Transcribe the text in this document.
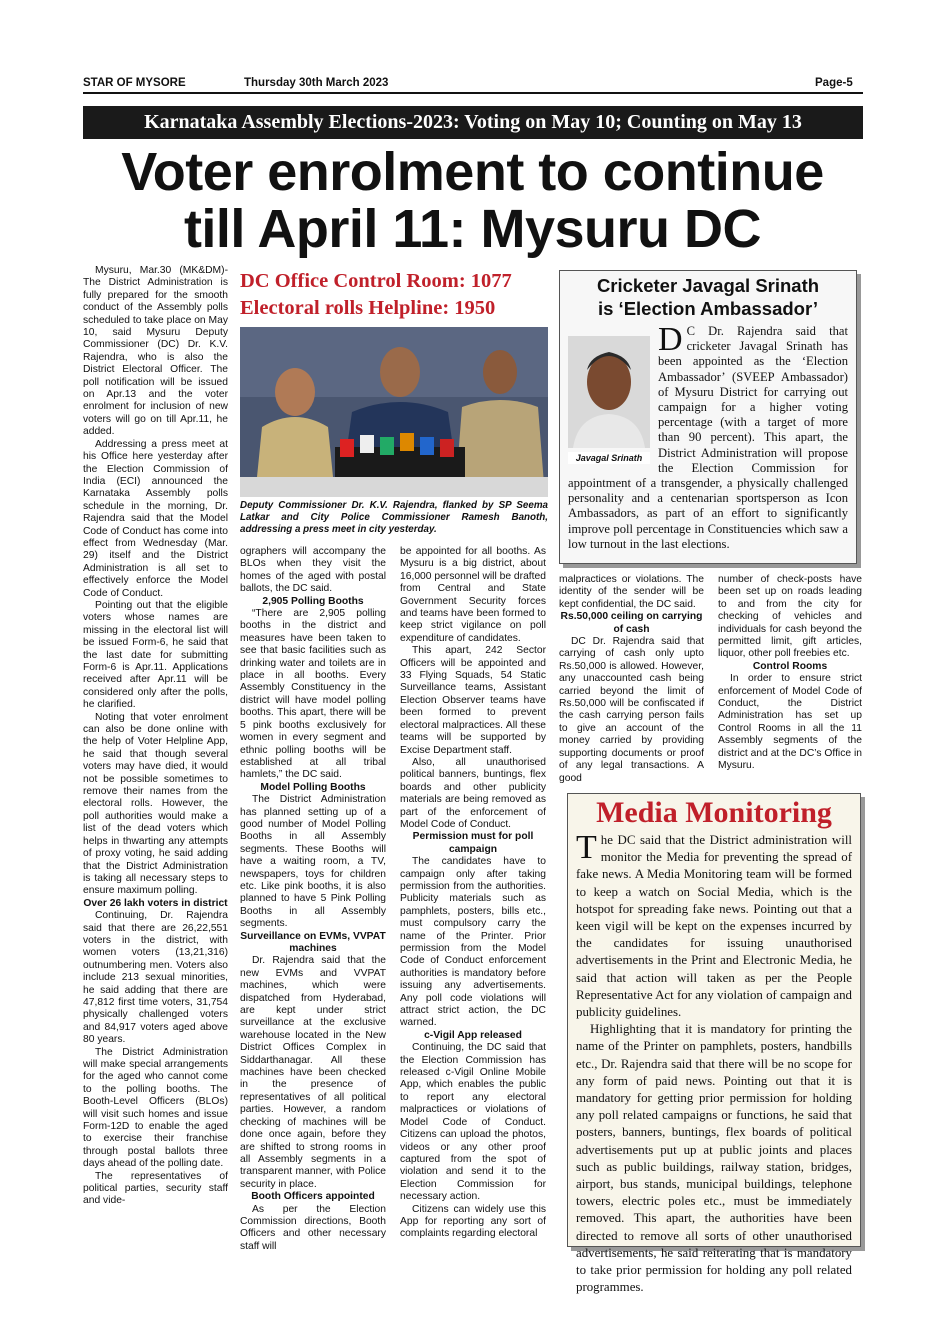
STAR OF MYSORE	Thursday 30th March 2023	Page-5
Karnataka Assembly Elections-2023: Voting on May 10; Counting on May 13
Voter enrolment to continue
till April 11: Mysuru DC

Mysuru, Mar.30 (MK&DM)- The District Administration is fully prepared for the smooth conduct of the Assembly polls scheduled to take place on May 10, said Mysuru Deputy Commissioner (DC) Dr. K.V. Rajendra, who is also the District Electoral Officer. The poll notification will be issued on Apr.13 and the voter enrolment for inclusion of new voters will go on till Apr.11, he added.

Addressing a press meet at his Office here yesterday after the Election Commission of India (ECI) announced the Karnataka Assembly polls schedule in the morning, Dr. Rajendra said that the Model Code of Conduct has come into effect from Wednesday (Mar. 29) itself and the District Administration is all set to effectively enforce the Model Code of Conduct.

Pointing out that the eligible voters whose names are missing in the electoral list will be issued Form-6, he said that the last date for submitting Form-6 is Apr.11. Applications received after Apr.11 will be considered only after the polls, he clarified.

Noting that voter enrolment can also be done online with the help of Voter Helpline App, he said that though several voters may have died, it would not be possible sometimes to remove their names from the electoral rolls. However, the poll authorities would make a list of the dead voters which helps in thwarting any attempts of proxy voting, he said adding that the District Administration is taking all necessary steps to ensure maximum polling.

Over 26 lakh voters in district

Continuing, Dr. Rajendra said that there are 26,22,551 voters in the district, with women voters (13,21,316) outnumbering men. Voters also include 213 sexual minorities, he said adding that there are 47,812 first time voters, 31,754 physically challenged voters and 84,917 voters aged above 80 years.

The District Administration will make special arrangements for the aged who cannot come to the polling booths. The Booth-Level Officers (BLOs) will visit such homes and issue Form-12D to enable the aged to exercise their franchise through postal ballots three days ahead of the polling date.

The representatives of political parties, security staff and vide-

DC Office Control Room: 1077
Electoral rolls Helpline: 1950
Deputy Commissioner Dr. K.V. Rajendra, flanked by SP Seema Latkar and City Police Commissioner Ramesh Banoth, addressing a press meet in city yesterday.

ographers will accompany the BLOs when they visit the homes of the aged with postal ballots, the DC said.

2,905 Polling Booths

“There are 2,905 polling booths in the district and measures have been taken to see that basic facilities such as drinking water and toilets are in place in all booths. Every Assembly Constituency in the district will have model polling booths. This apart, there will be 5 pink booths exclusively for women in every segment and ethnic polling booths will be established at all tribal hamlets,” the DC said.

Model Polling Booths

The District Administration has planned setting up of a good number of Model Polling Booths in all Assembly segments. These Booths will have a waiting room, a TV, newspapers, toys for children etc. Like pink booths, it is also planned to have 5 Pink Polling Booths in all Assembly segments.

Surveillance on EVMs, VVPAT machines

Dr. Rajendra said that the new EVMs and VVPAT machines, which were dispatched from Hyderabad, are kept under strict surveillance at the exclusive warehouse located in the New District Offices Complex in Siddarthanagar. All these machines have been checked in the presence of representatives of all political parties. However, a random checking of machines will be done once again, before they are shifted to strong rooms in all Assembly segments in a transparent manner, with Police security in place.

Booth Officers appointed

As per the Election Commission directions, Booth Officers and other necessary staff will

be appointed for all booths. As Mysuru is a big district, about 16,000 personnel will be drafted from Central and State Government Security forces and teams have been formed to keep strict vigilance on poll expenditure of candidates.

This apart, 242 Sector Officers will be appointed and 33 Flying Squads, 54 Static Surveillance teams, Assistant Election Observer teams have been formed to prevent electoral malpractices. All these teams will be supported by Excise Department staff.

Also, all unauthorised political banners, buntings, flex boards and other publicity materials are being removed as part of the enforcement of Model Code of Conduct.

Permission must for poll campaign

The candidates have to campaign only after taking permission from the authorities. Publicity materials such as pamphlets, posters, bills etc., must compulsory carry the name of the Printer. Prior permission from the Model Code of Conduct enforcement authorities is mandatory before issuing any advertisements. Any poll code violations will attract strict action, the DC warned.

c-Vigil App released

Continuing, the DC said that the Election Commission has released c-Vigil Online Mobile App, which enables the public to report any electoral malpractices or violations of Model Code of Conduct. Citizens can upload the photos, videos or any other proof captured from the spot of violation and send it to the Election Commission for necessary action.

Citizens can widely use this App for reporting any sort of complaints regarding electoral

malpractices or violations. The identity of the sender will be kept confidential, the DC said.

Rs.50,000 ceiling on carrying of cash

DC Dr. Rajendra said that carrying of cash only upto Rs.50,000 is allowed. However, any unaccounted cash being carried beyond the limit of Rs.50,000 will be confiscated if the cash carrying person fails to give an account of the money carried by providing supporting documents or proof of any legal transactions. A good

number of check-posts have been set up on roads leading to and from the city for checking of vehicles and individuals for cash beyond the permitted limit, gift articles, liquor, other poll freebies etc.

Control Rooms

In order to ensure strict enforcement of Model Code of Conduct, the District Administration has set up Control Rooms in all the 11 Assembly segments of the district and at the DC’s Office in Mysuru.

Cricketer Javagal Srinath
is ‘Election Ambassador’
Javagal Srinath
D C Dr. Rajendra said that cricketer Javagal Srinath has been appointed as the ‘Election Ambassador’ (SVEEP Ambassador) of Mysuru District for carrying out campaign for a higher voting percentage (with a target of more than 90 percent). This apart, the District Administration will propose the Election Commission for appointment of a transgender, a physically challenged personality and a centenarian sportsperson as Icon Ambassadors, as part of an effort to significantly improve poll percentage in Constituencies which saw a low turnout in the last elections.
Media Monitoring

The DC said that the District administration will monitor the Media for preventing the spread of fake news. A Media Monitoring team will be formed to keep a watch on Social Media, which is the hotspot for spreading fake news. Pointing out that a keen vigil will be kept on the expenses incurred by the candidates for issuing unauthorised advertisements in the Print and Electronic Media, he said that action will taken as per the People Representative Act for any violation of campaign and publicity guidelines.

Highlighting that it is mandatory for printing the name of the Printer on pamphlets, posters, handbills etc., Dr. Rajendra said that there will be no scope for any form of paid news. Pointing out that it is mandatory for getting prior permission for holding any poll related campaigns or functions, he said that posters, banners, buntings, flex boards of political advertisements put up at public joints and places such as public buildings, railway station, bridges, airport, bus stands, municipal buildings, telephone towers, electric poles etc., must be immediately removed. This apart, the authorities have been directed to remove all sorts of other unauthorised advertisements, he said reiterating that is mandatory to take prior permission for holding any poll related programmes.
